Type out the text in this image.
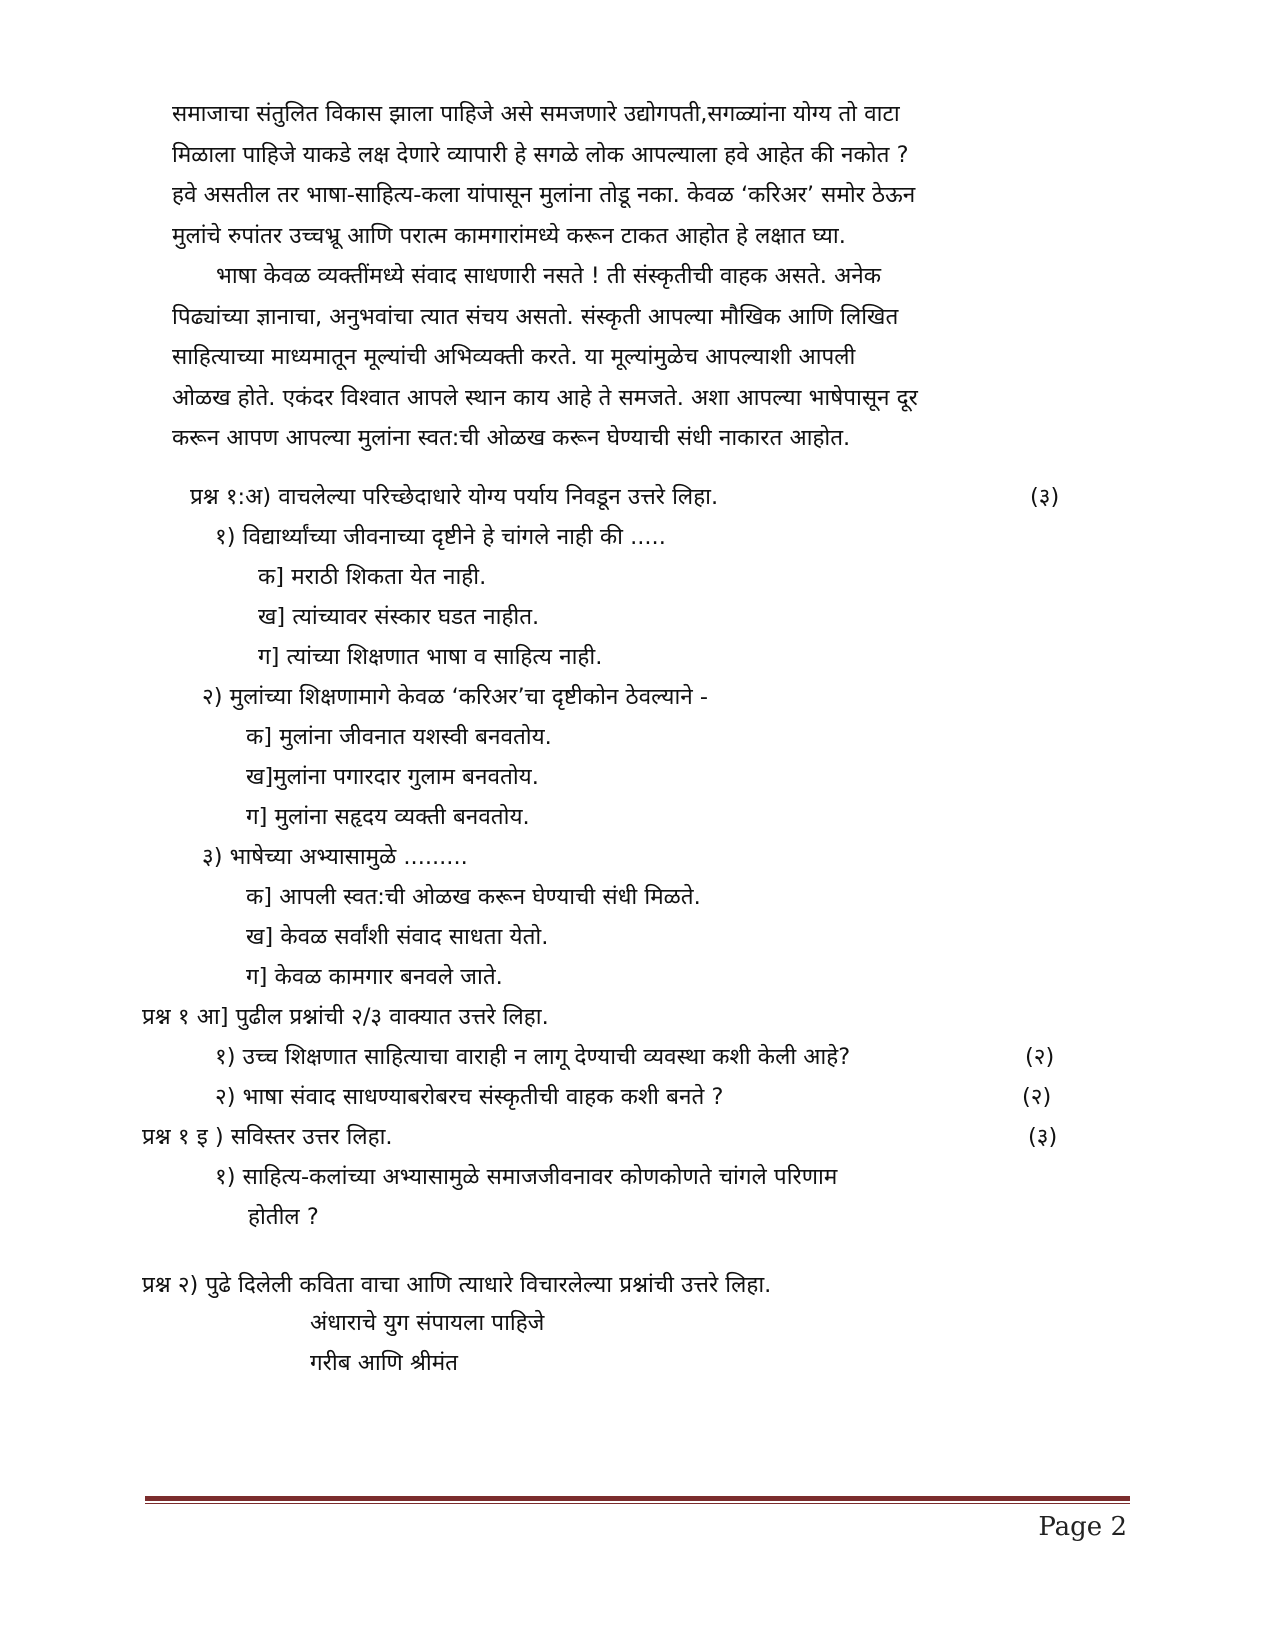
समाजाचा संतुलित विकास झाला पाहिजे असे समजणारे उद्योगपती,सगळ्यांना योग्य तो वाटा
मिळाला पाहिजे याकडे लक्ष देणारे व्यापारी हे सगळे लोक आपल्याला हवे आहेत की नकोत ?
हवे असतील तर भाषा-साहित्य-कला यांपासून मुलांना तोडू नका. केवळ ‘करिअर’ समोर ठेऊन
मुलांचे रुपांतर उच्चभ्रू आणि परात्म कामगारांमध्ये करून टाकत आहोत हे लक्षात घ्या.
भाषा केवळ व्यक्तींमध्ये संवाद साधणारी नसते ! ती संस्कृतीची वाहक असते. अनेक
पिढ्यांच्या ज्ञानाचा, अनुभवांचा त्यात संचय असतो. संस्कृती आपल्या मौखिक आणि लिखित
साहित्याच्या माध्यमातून मूल्यांची अभिव्यक्ती करते. या मूल्यांमुळेच आपल्याशी आपली
ओळख होते. एकंदर विश्वात आपले स्थान काय आहे ते समजते. अशा आपल्या भाषेपासून दूर
करून आपण आपल्या मुलांना स्वत:ची ओळख करून घेण्याची संधी नाकारत आहोत.
प्रश्न १:अ) वाचलेल्या परिच्छेदाधारे योग्य पर्याय निवडून उत्तरे लिहा.	(३)
१) विद्यार्थ्यांच्या जीवनाच्या दृष्टीने हे चांगले नाही की .....
क] मराठी शिकता येत नाही.
ख] त्यांच्यावर संस्कार घडत नाहीत.
ग] त्यांच्या शिक्षणात भाषा व साहित्य नाही.
२) मुलांच्या शिक्षणामागे केवळ ‘करिअर’चा दृष्टीकोन ठेवल्याने -
क] मुलांना जीवनात यशस्वी बनवतोय.
ख]मुलांना पगारदार गुलाम बनवतोय.
ग] मुलांना सहृदय व्यक्ती बनवतोय.
३) भाषेच्या अभ्यासामुळे .........
क] आपली स्वत:ची ओळख करून घेण्याची संधी मिळते.
ख] केवळ सर्वांशी संवाद साधता येतो.
ग] केवळ कामगार बनवले जाते.
प्रश्न १ आ] पुढील प्रश्नांची २/३ वाक्यात उत्तरे लिहा.
१) उच्च शिक्षणात साहित्याचा वाराही न लागू देण्याची व्यवस्था कशी केली आहे?	(२)
२) भाषा संवाद साधण्याबरोबरच संस्कृतीची वाहक कशी बनते ?	(२)
प्रश्न १ इ ) सविस्तर उत्तर लिहा.	(३)
१) साहित्य-कलांच्या अभ्यासामुळे समाजजीवनावर कोणकोणते चांगले परिणाम
होतील ?
प्रश्न २) पुढे दिलेली कविता वाचा आणि त्याधारे विचारलेल्या प्रश्नांची उत्तरे लिहा.
अंधाराचे युग संपायला पाहिजे
गरीब आणि श्रीमंत
Page 2
